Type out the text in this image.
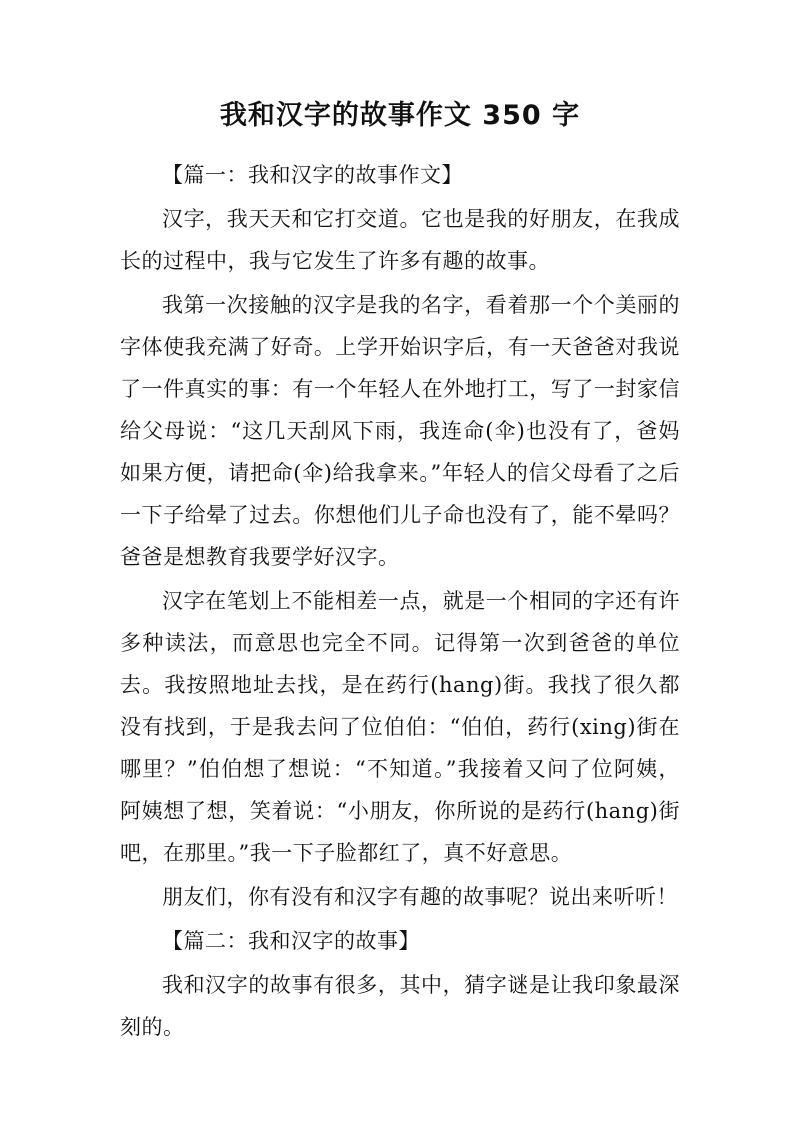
我和汉字的故事作文 350 字

【篇一：我和汉字的故事作文】

汉字，我天天和它打交道。它也是我的好朋友，在我成长的过程中，我与它发生了许多有趣的故事。

我第一次接触的汉字是我的名字，看着那一个个美丽的字体使我充满了好奇。上学开始识字后，有一天爸爸对我说了一件真实的事：有一个年轻人在外地打工，写了一封家信给父母说：“这几天刮风下雨，我连命(伞)也没有了，爸妈如果方便，请把命(伞)给我拿来。”年轻人的信父母看了之后一下子给晕了过去。你想他们儿子命也没有了，能不晕吗？爸爸是想教育我要学好汉字。

汉字在笔划上不能相差一点，就是一个相同的字还有许多种读法，而意思也完全不同。记得第一次到爸爸的单位去。我按照地址去找，是在药行(hang)街。我找了很久都没有找到，于是我去问了位伯伯：“伯伯，药行(xing)街在哪里？”伯伯想了想说：“不知道。”我接着又问了位阿姨，阿姨想了想，笑着说：“小朋友，你所说的是药行(hang)街吧，在那里。”我一下子脸都红了，真不好意思。

朋友们，你有没有和汉字有趣的故事呢？说出来听听！

【篇二：我和汉字的故事】

我和汉字的故事有很多，其中，猜字谜是让我印象最深刻的。
